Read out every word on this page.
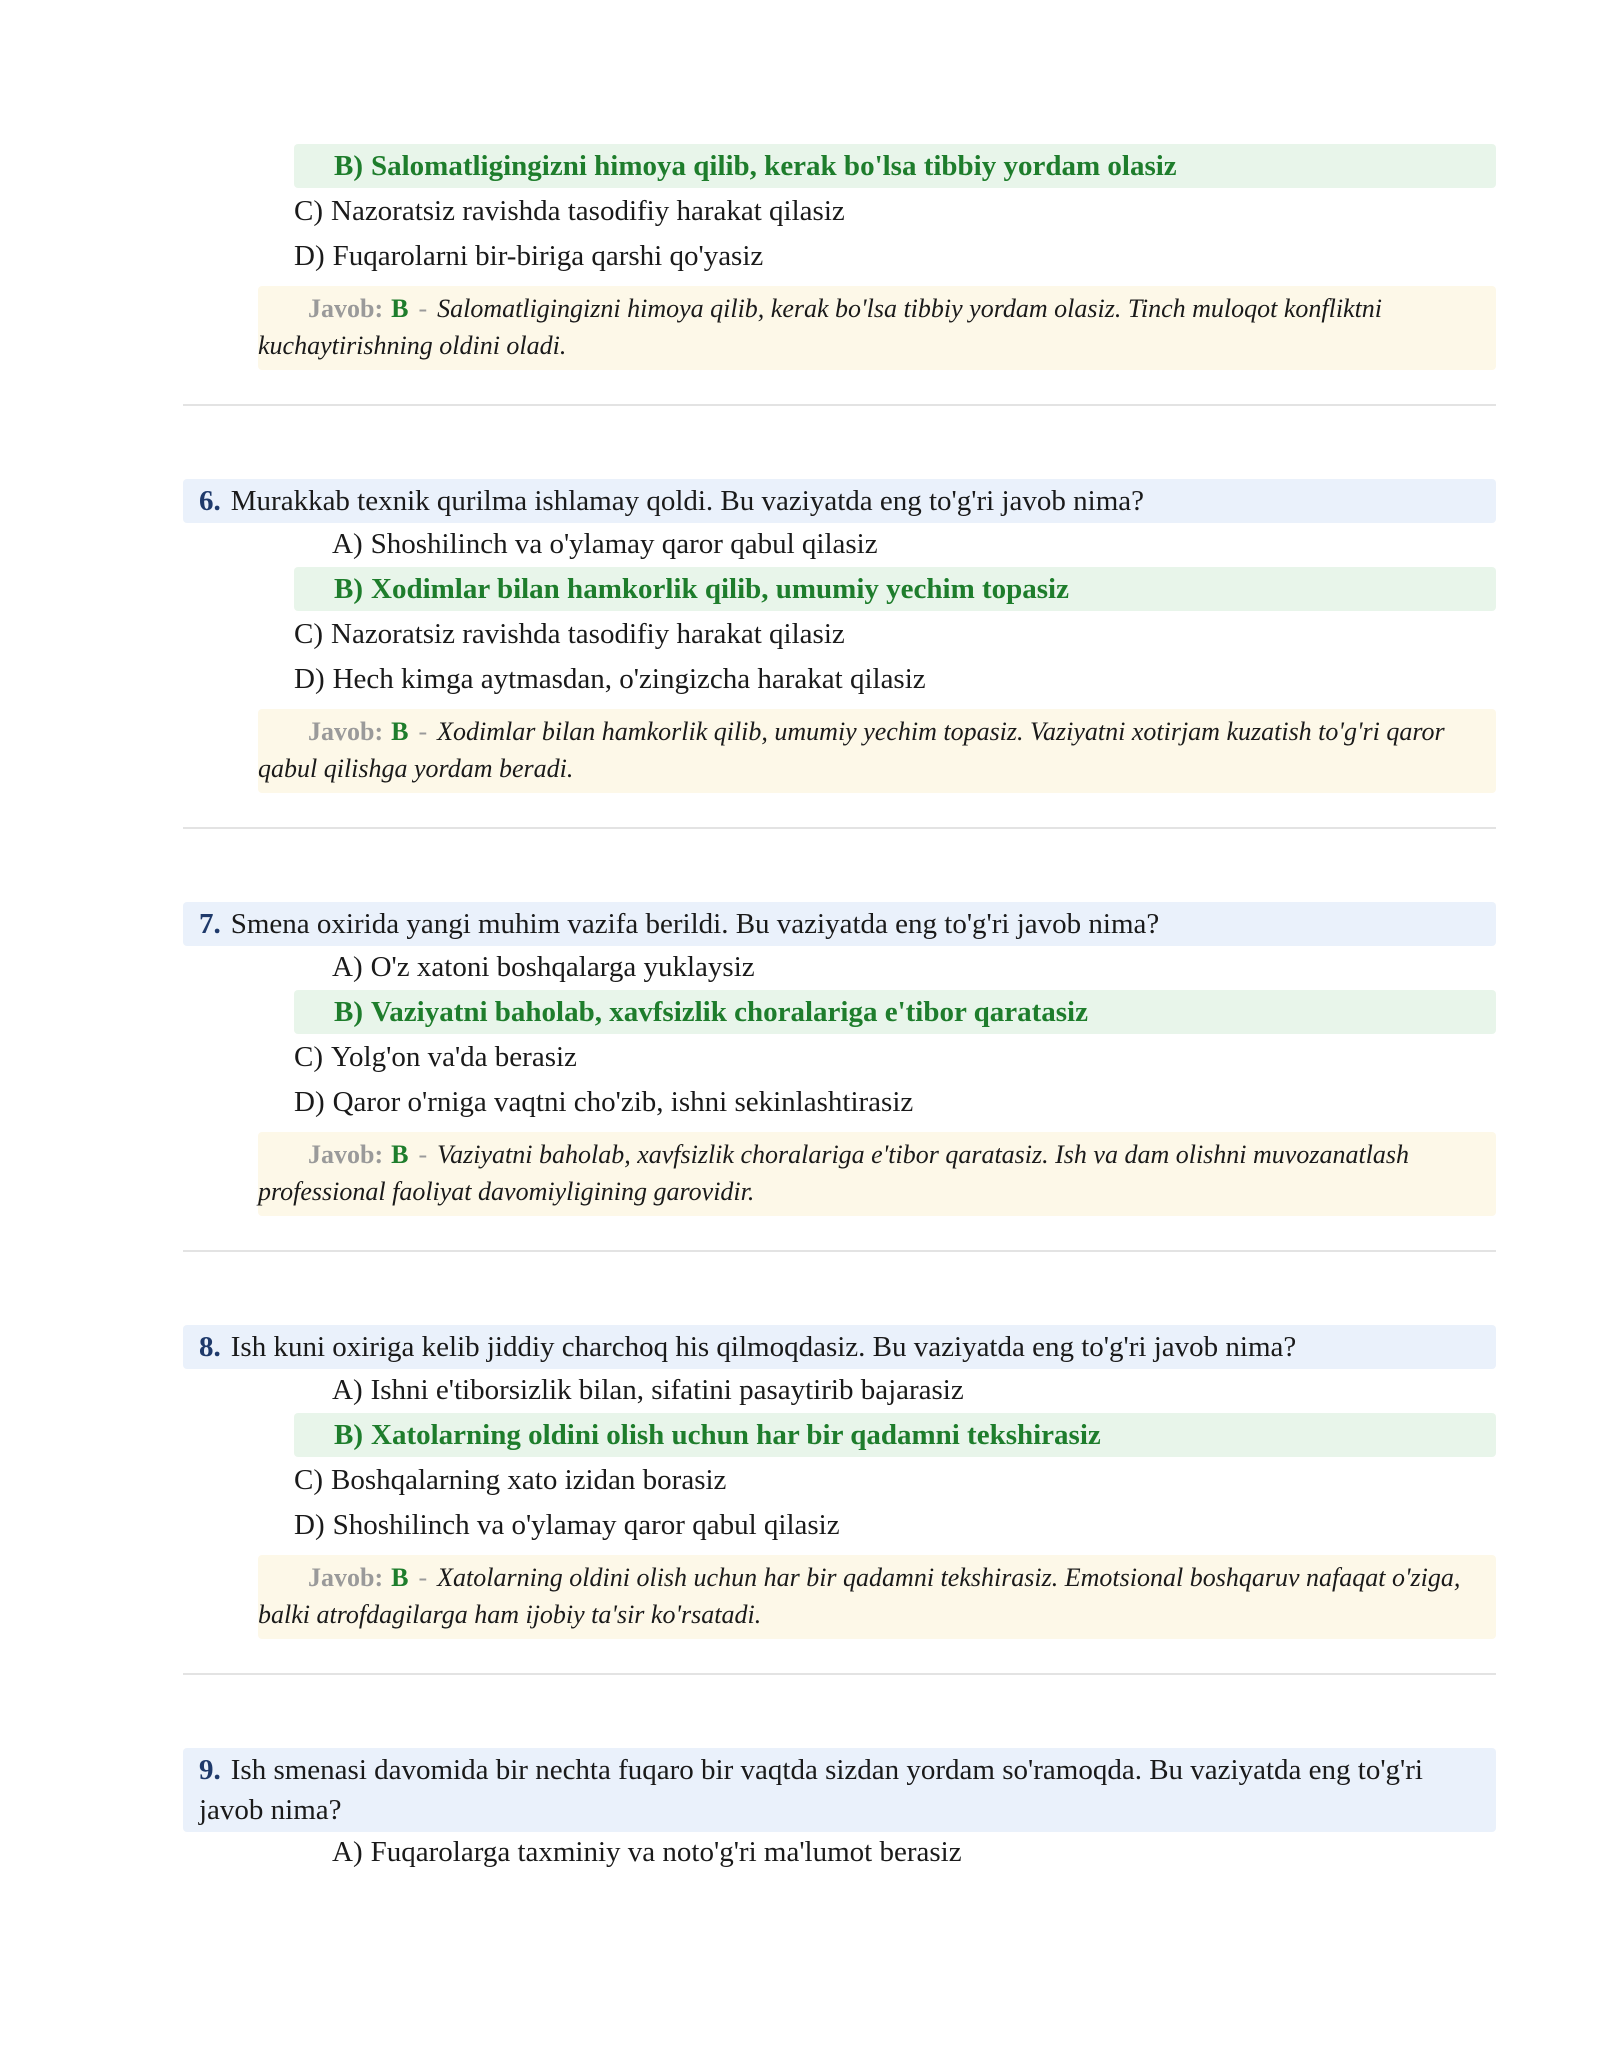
B) Salomatligingizni himoya qilib, kerak bo'lsa tibbiy yordam olasiz
C) Nazoratsiz ravishda tasodifiy harakat qilasiz
D) Fuqarolarni bir-biriga qarshi qo'yasiz
Javob: B - Salomatligingizni himoya qilib, kerak bo'lsa tibbiy yordam olasiz. Tinch muloqot konfliktni kuchaytirishning oldini oladi.
6. Murakkab texnik qurilma ishlamay qoldi. Bu vaziyatda eng to'g'ri javob nima?
A) Shoshilinch va o'ylamay qaror qabul qilasiz
B) Xodimlar bilan hamkorlik qilib, umumiy yechim topasiz
C) Nazoratsiz ravishda tasodifiy harakat qilasiz
D) Hech kimga aytmasdan, o'zingizcha harakat qilasiz
Javob: B - Xodimlar bilan hamkorlik qilib, umumiy yechim topasiz. Vaziyatni xotirjam kuzatish to'g'ri qaror qabul qilishga yordam beradi.
7. Smena oxirida yangi muhim vazifa berildi. Bu vaziyatda eng to'g'ri javob nima?
A) O'z xatoni boshqalarga yuklaysiz
B) Vaziyatni baholab, xavfsizlik choralariga e'tibor qaratasiz
C) Yolg'on va'da berasiz
D) Qaror o'rniga vaqtni cho'zib, ishni sekinlashtirasiz
Javob: B - Vaziyatni baholab, xavfsizlik choralariga e'tibor qaratasiz. Ish va dam olishni muvozanatlash professional faoliyat davomiyligining garovidir.
8. Ish kuni oxiriga kelib jiddiy charchoq his qilmoqdasiz. Bu vaziyatda eng to'g'ri javob nima?
A) Ishni e'tiborsizlik bilan, sifatini pasaytirib bajarasiz
B) Xatolarning oldini olish uchun har bir qadamni tekshirasiz
C) Boshqalarning xato izidan borasiz
D) Shoshilinch va o'ylamay qaror qabul qilasiz
Javob: B - Xatolarning oldini olish uchun har bir qadamni tekshirasiz. Emotsional boshqaruv nafaqat o'ziga, balki atrofdagilarga ham ijobiy ta'sir ko'rsatadi.
9. Ish smenasi davomida bir nechta fuqaro bir vaqtda sizdan yordam so'ramoqda. Bu vaziyatda eng to'g'ri javob nima?
A) Fuqarolarga taxminiy va noto'g'ri ma'lumot berasiz
